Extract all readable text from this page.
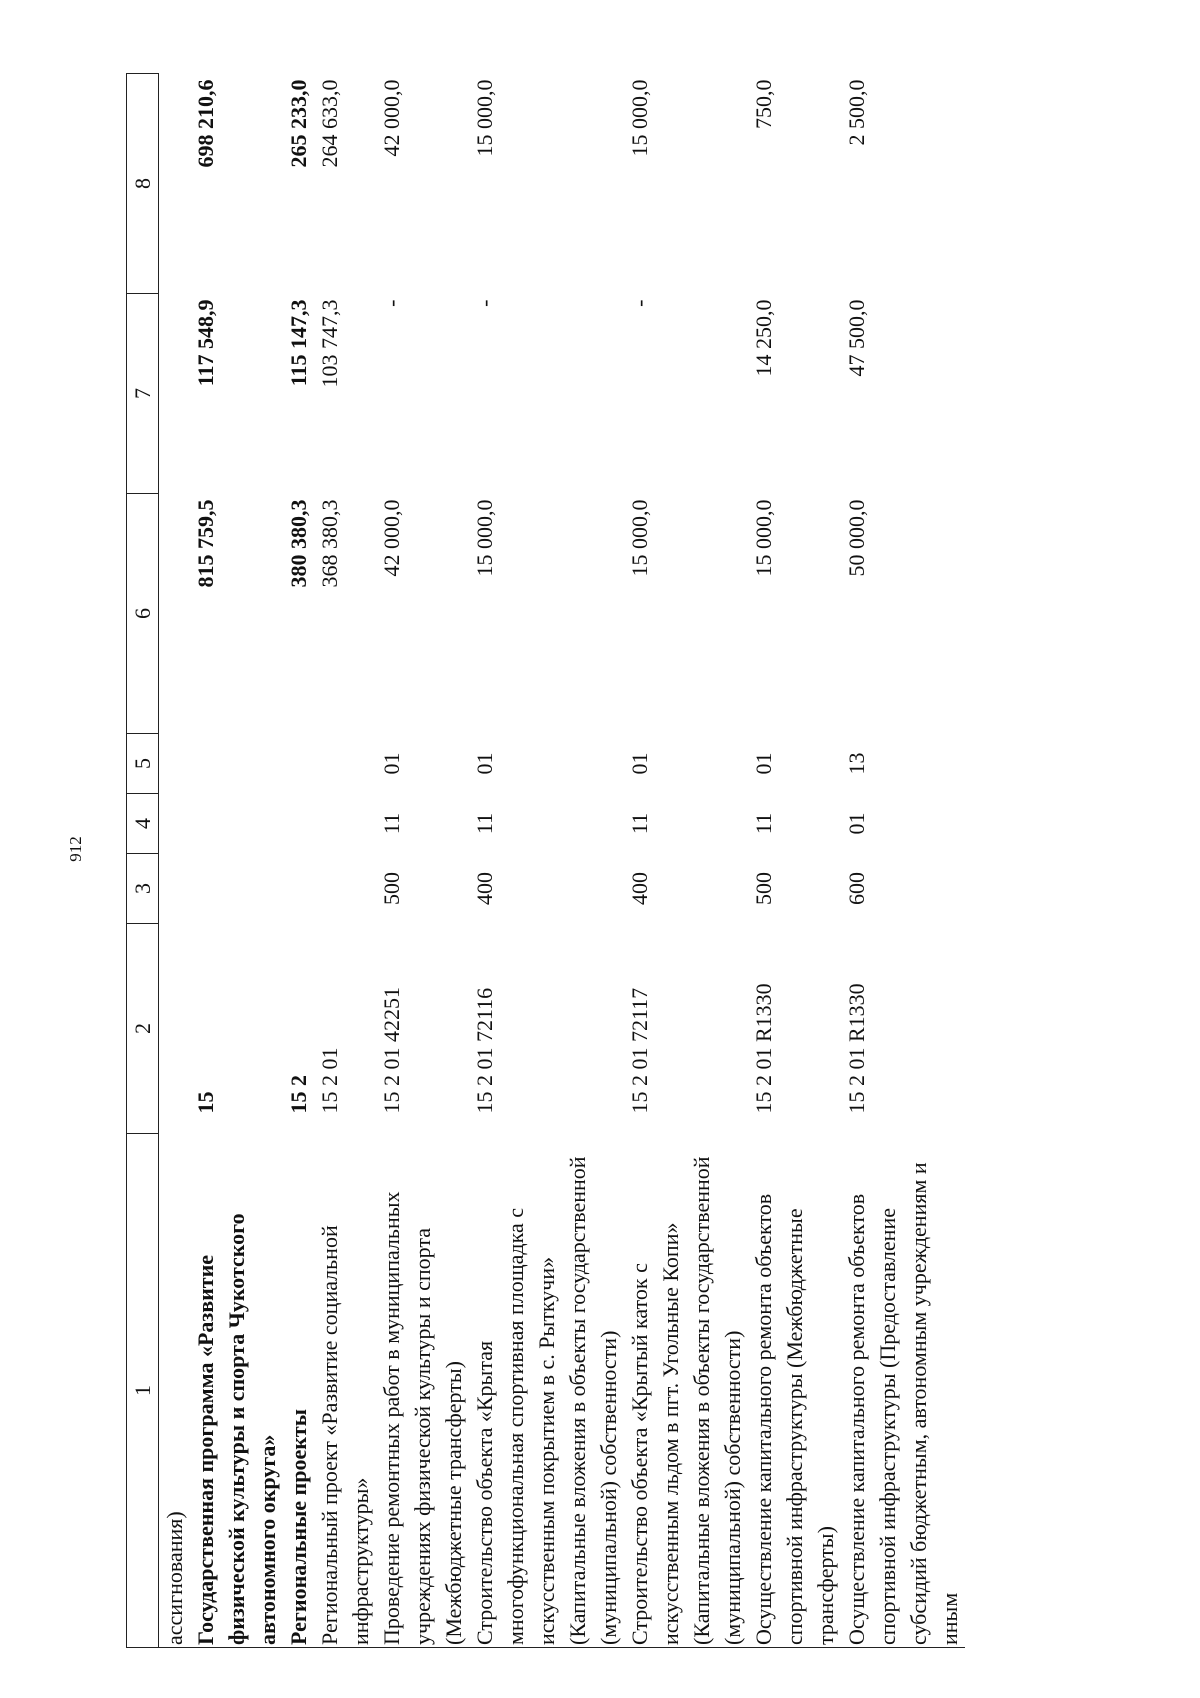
912
1	2	3	4	5	6	7	8
ассигнования)							
Государственная программа «Развитие физической культуры и спорта Чукотского автономного округа»	15				815 759,5	117 548,9	698 210,6
Региональные проекты	15 2				380 380,3	115 147,3	265 233,0
Региональный проект «Развитие социальной инфраструктуры»	15 2 01				368 380,3	103 747,3	264 633,0
Проведение ремонтных работ в муниципальных учреждениях физической культуры и спорта (Межбюджетные трансферты)	15 2 01 42251	500	11	01	42 000,0	-	42 000,0
Строительство объекта «Крытая многофункциональная спортивная площадка с искусственным покрытием в с. Рыткучи» (Капитальные вложения в объекты государственной (муниципальной) собственности)	15 2 01 72116	400	11	01	15 000,0	-	15 000,0
Строительство объекта «Крытый каток с искусственным льдом в пгт. Угольные Копи» (Капитальные вложения в объекты государственной (муниципальной) собственности)	15 2 01 72117	400	11	01	15 000,0	-	15 000,0
Осуществление капитального ремонта объектов спортивной инфраструктуры (Межбюджетные трансферты)	15 2 01 R1330	500	11	01	15 000,0	14 250,0	750,0
Осуществление капитального ремонта объектов спортивной инфраструктуры (Предоставление субсидий бюджетным, автономным учреждениям и иным	15 2 01 R1330	600	01	13	50 000,0	47 500,0	2 500,0
